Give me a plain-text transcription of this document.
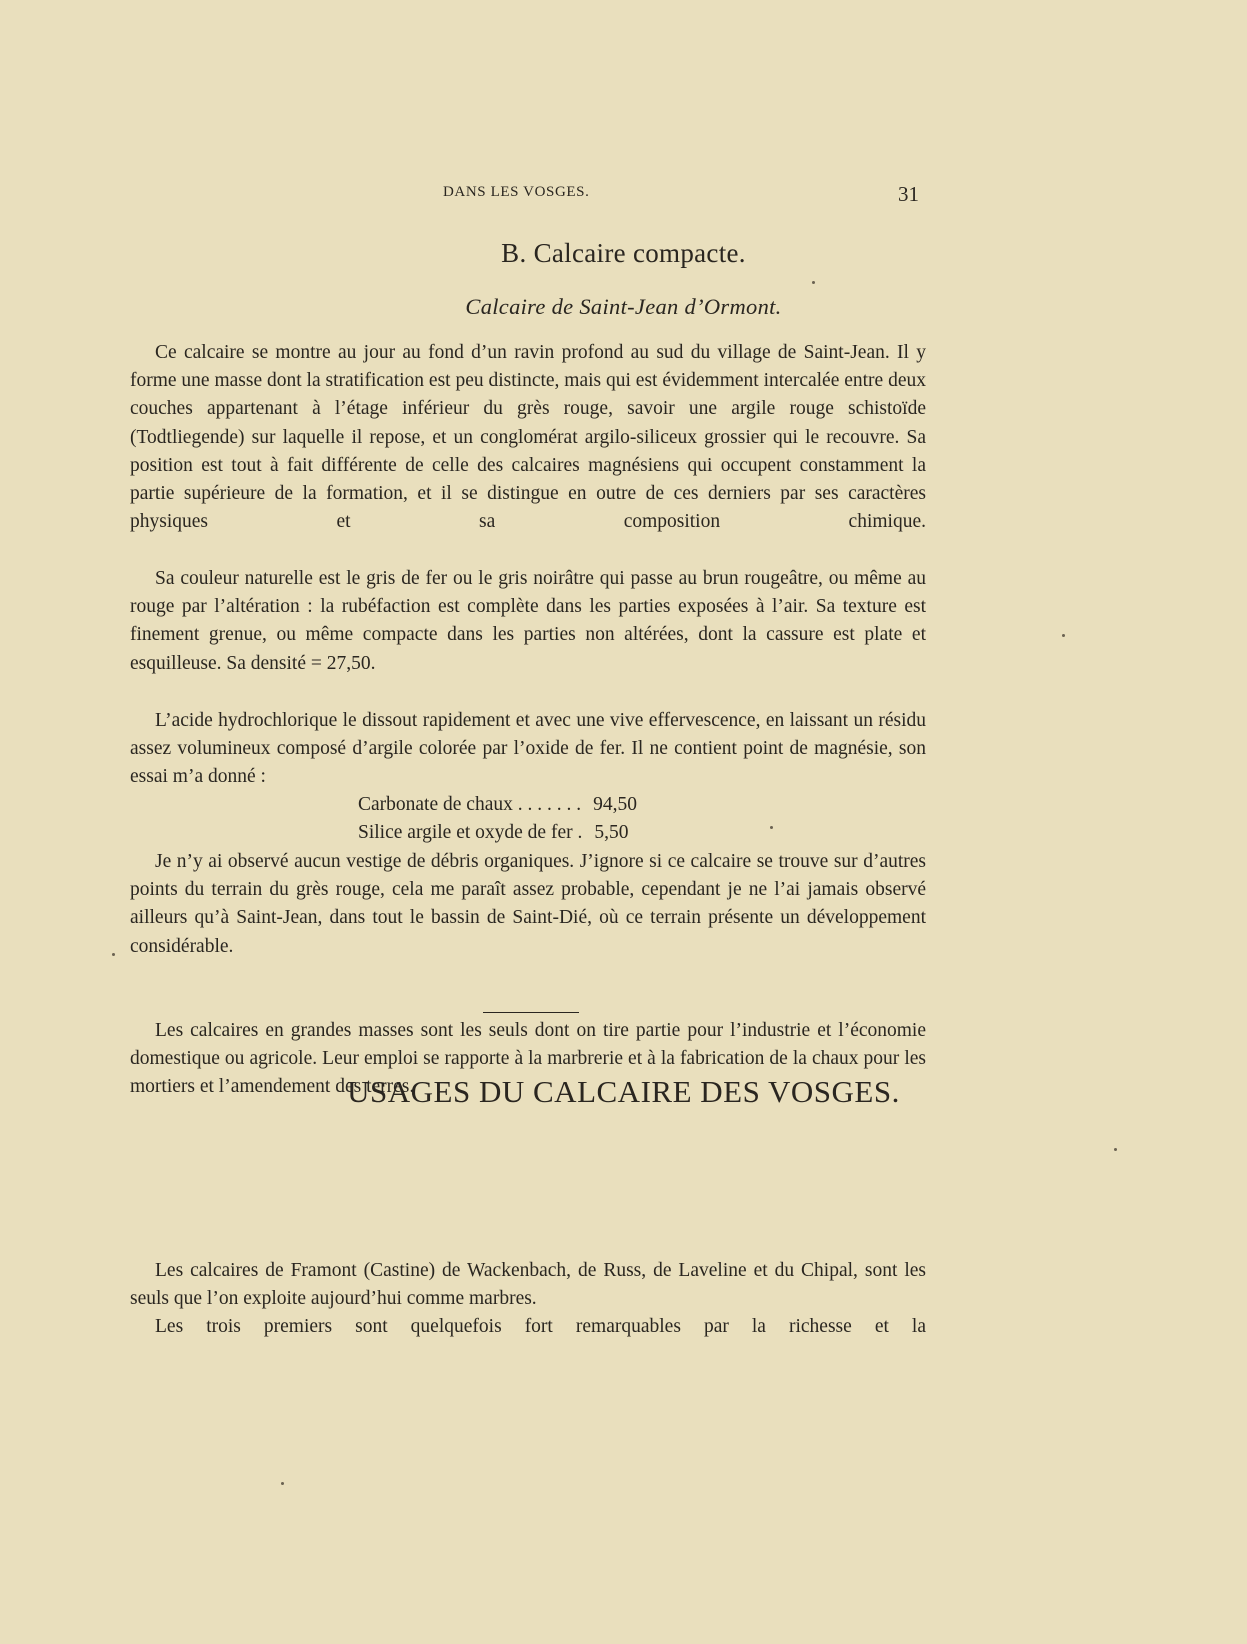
DANS LES VOSGES.	31
B. Calcaire compacte.
Calcaire de Saint-Jean d’Ormont.

Ce calcaire se montre au jour au fond d’un ravin profond au sud du village de Saint-Jean. Il y forme une masse dont la stratification est peu distincte, mais qui est évidemment intercalée entre deux couches appartenant à l’étage inférieur du grès rouge, savoir une argile rouge schistoïde (Todtliegende) sur laquelle il repose, et un conglomérat argilo-siliceux grossier qui le recouvre. Sa position est tout à fait différente de celle des calcaires magnésiens qui occupent constamment la partie supérieure de la formation, et il se distingue en outre de ces derniers par ses caractères physiques et sa composition chimique.

Sa couleur naturelle est le gris de fer ou le gris noirâtre qui passe au brun rougeâtre, ou même au rouge par l’altération : la rubéfaction est complète dans les parties exposées à l’air. Sa texture est finement grenue, ou même compacte dans les parties non altérées, dont la cassure est plate et esquilleuse. Sa densité = 27,50.

L’acide hydrochlorique le dissout rapidement et avec une vive effervescence, en laissant un résidu assez volumineux composé d’argile colorée par l’oxide de fer. Il ne contient point de magnésie, son essai m’a donné :

Carbonate de chaux . . . . . . . 94,50
Silice argile et oxyde de fer . 5,50

Je n’y ai observé aucun vestige de débris organiques. J’ignore si ce calcaire se trouve sur d’autres points du terrain du grès rouge, cela me paraît assez probable, cependant je ne l’ai jamais observé ailleurs qu’à Saint-Jean, dans tout le bassin de Saint-Dié, où ce terrain présente un développement considérable.

USAGES DU CALCAIRE DES VOSGES.

Les calcaires en grandes masses sont les seuls dont on tire partie pour l’industrie et l’économie domestique ou agricole. Leur emploi se rapporte à la marbrerie et à la fabrication de la chaux pour les mortiers et l’amendement des terres.

Les calcaires de Framont (Castine) de Wackenbach, de Russ, de Laveline et du Chipal, sont les seuls que l’on exploite aujourd’hui comme marbres.

Les trois premiers sont quelquefois fort remarquables par la richesse et la
